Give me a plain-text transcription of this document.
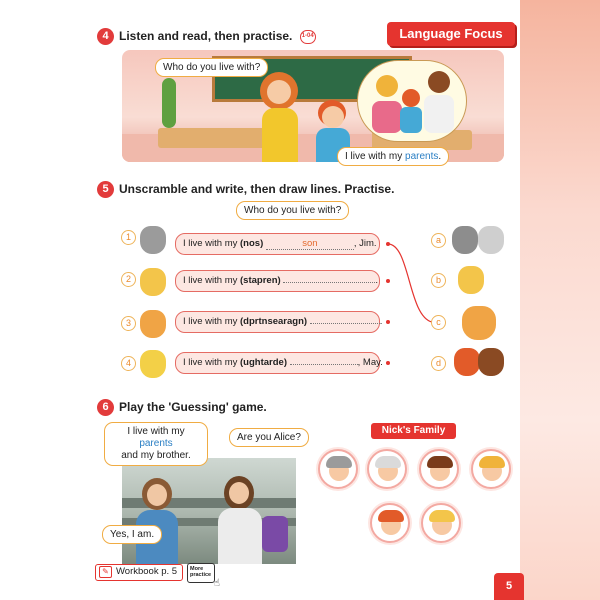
4 Listen and read, then practise. 1-04	Language Focus
Who do you live with?
I live with my parents.
5 Unscramble and write, then draw lines. Practise.
Who do you live with?
1
I live with my (nos)	son	, Jim.
2	I live with my (stapren)	.
3	I live with my (dprtnsearagn)	.
4	I live with my (ughtarde)	, May.
a
b
c
d
6 Play the 'Guessing' game.
I live with my parents
and my brother.
Are you Alice?
Yes, I am.
Nick's Family
✎ Workbook p. 5	More practice
☝	5
